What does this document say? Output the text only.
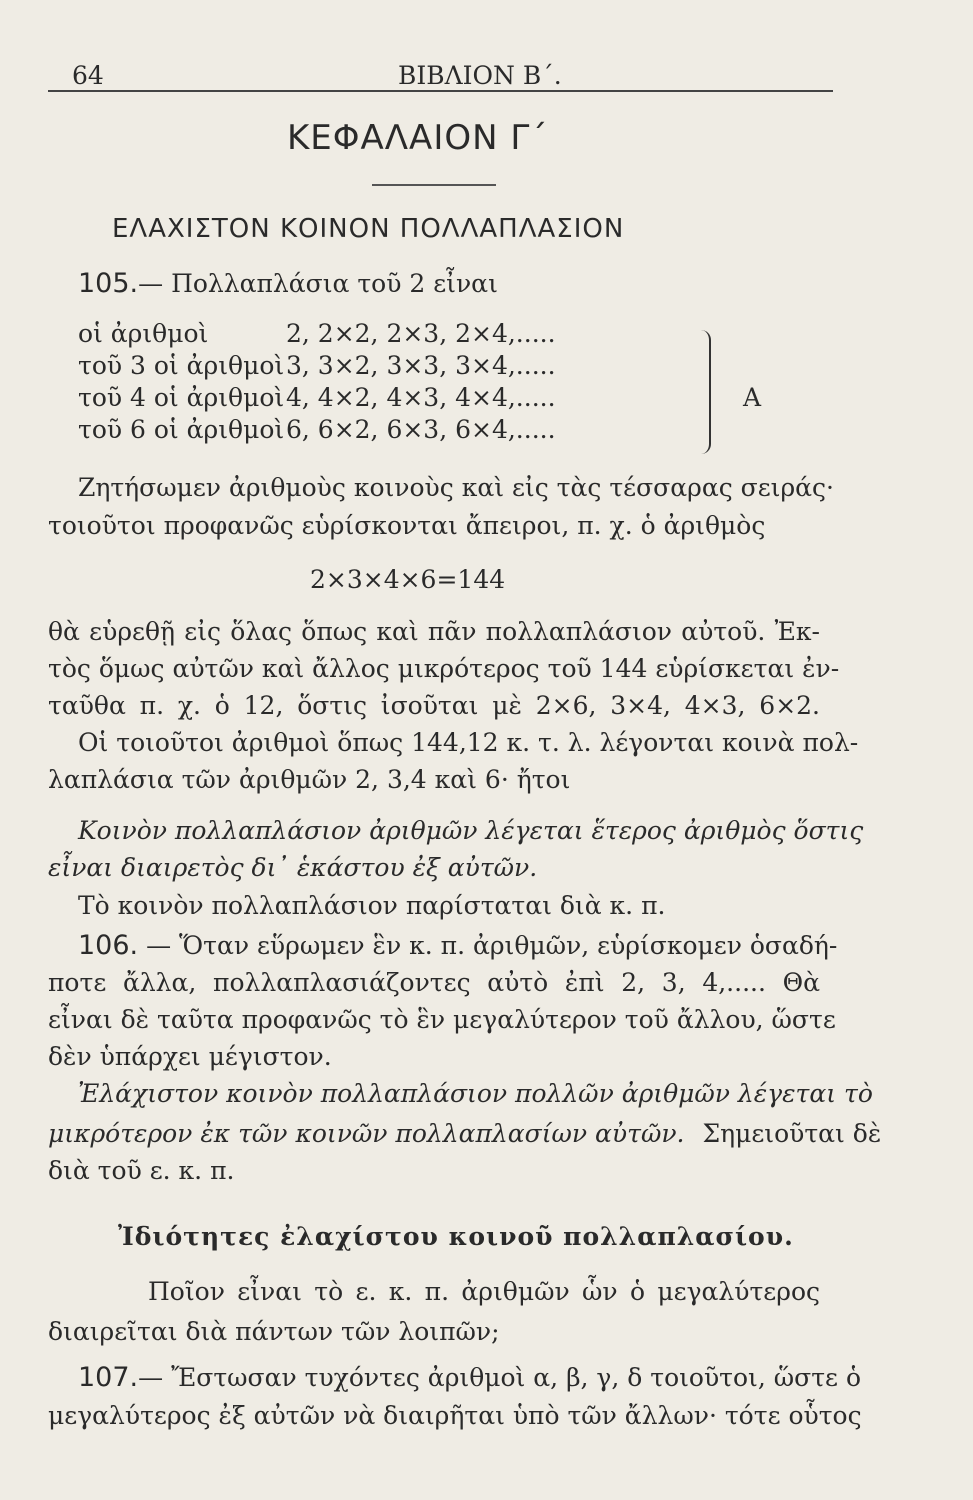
64	ΒΙΒΛΙΟΝ Β΄.
ΚΕΦΑΛΑΙΟΝ Γ΄
ΕΛΑΧΙΣΤΟΝ ΚΟΙΝΟΝ ΠΟΛΛΑΠΛΑΣΙΟΝ
105.— Πολλαπλάσια τοῦ 2 εἶναι
οἱ ἀριθμοὶ	2, 2×2, 2×3, 2×4,.....
τοῦ 3 οἱ ἀριθμοὶ 3, 3×2, 3×3, 3×4,.....
τοῦ 4 οἱ ἀριθμοὶ 4, 4×2, 4×3, 4×4,.....
τοῦ 6 οἱ ἀριθμοὶ 6, 6×2, 6×3, 6×4,.....
A
Ζητήσωμεν ἀριθμοὺς κοινοὺς καὶ εἰς τὰς τέσσαρας σειράς·
τοιοῦτοι προφανῶς εὑρίσκονται ἄπειροι, π. χ. ὁ ἀριθμὸς
2×3×4×6=144
θὰ εὑρεθῇ εἰς ὅλας ὅπως καὶ πᾶν πολλαπλάσιον αὐτοῦ. Ἐκ-
τὸς ὅμως αὐτῶν καὶ ἄλλος μικρότερος τοῦ 144 εὑρίσκεται ἐν-
ταῦθα π. χ. ὁ 12, ὅστις ἰσοῦται μὲ 2×6, 3×4, 4×3, 6×2.
Οἱ τοιοῦτοι ἀριθμοὶ ὅπως 144,12 κ. τ. λ. λέγονται κοινὰ πολ-
λαπλάσια τῶν ἀριθμῶν 2, 3,4 καὶ 6· ἤτοι
Κοινὸν πολλαπλάσιον ἀριθμῶν λέγεται ἕτερος ἀριθμὸς ὅστις
εἶναι διαιρετὸς δι᾽ ἑκάστου ἐξ αὐτῶν.
Τὸ κοινὸν πολλαπλάσιον παρίσταται διὰ κ. π.
106. — Ὅταν εὕρωμεν ἓν κ. π. ἀριθμῶν, εὑρίσκομεν ὁσαδή-
ποτε ἄλλα, πολλαπλασιάζοντες αὐτὸ ἐπὶ 2, 3, 4,..... Θὰ
εἶναι δὲ ταῦτα προφανῶς τὸ ἓν μεγαλύτερον τοῦ ἄλλου, ὥστε
δὲν ὑπάρχει μέγιστον.
Ἐλάχιστον κοινὸν πολλαπλάσιον πολλῶν ἀριθμῶν λέγεται τὸ
μικρότερον ἐκ τῶν κοινῶν πολλαπλασίων αὐτῶν. Σημειοῦται δὲ
διὰ τοῦ ε. κ. π.
Ἰδιότητες ἐλαχίστου κοινοῦ πολλαπλασίου.
Ποῖον εἶναι τὸ ε. κ. π. ἀριθμῶν ὧν ὁ μεγαλύτερος
διαιρεῖται διὰ πάντων τῶν λοιπῶν;
107.— Ἔστωσαν τυχόντες ἀριθμοὶ α, β, γ, δ τοιοῦτοι, ὥστε ὁ
μεγαλύτερος ἐξ αὐτῶν νὰ διαιρῆται ὑπὸ τῶν ἄλλων· τότε οὗτος
